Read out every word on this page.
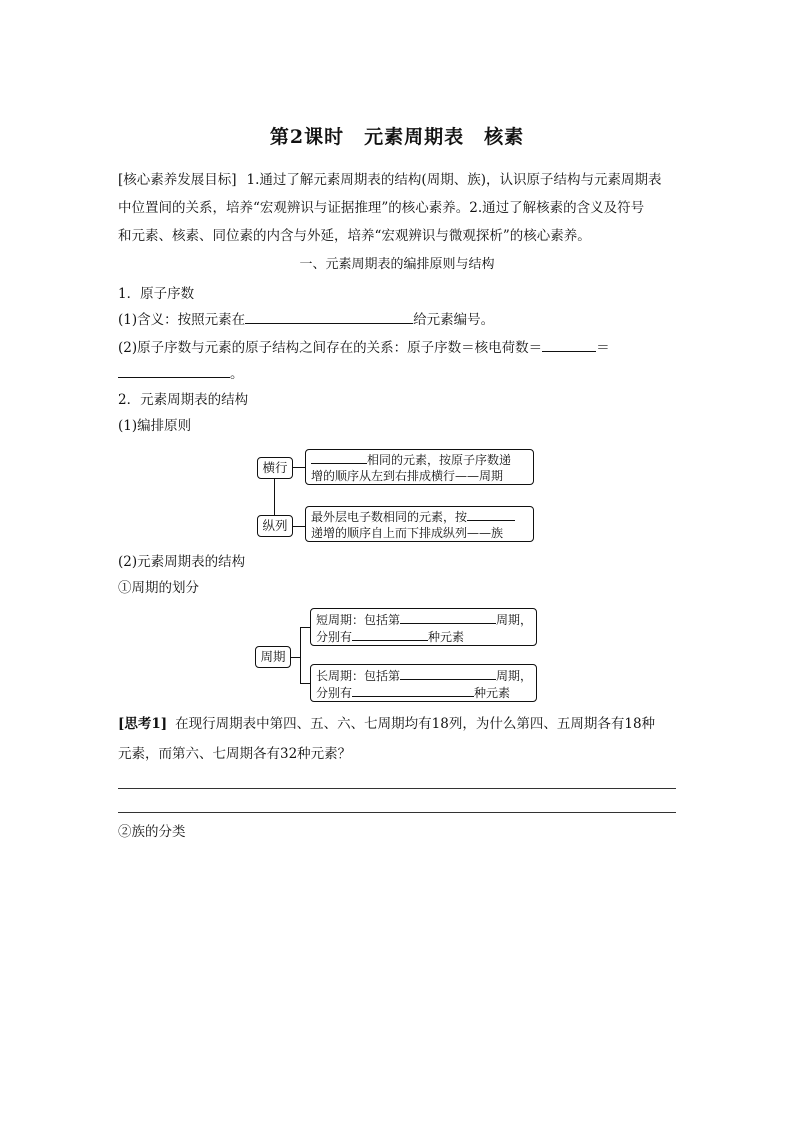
第2课时　元素周期表　核素
[核心素养发展目标] 1.通过了解元素周期表的结构(周期、族)，认识原子结构与元素周期表
中位置间的关系，培养“宏观辨识与证据推理”的核心素养。2.通过了解核素的含义及符号
和元素、核素、同位素的内含与外延，培养“宏观辨识与微观探析”的核心素养。
一、元素周期表的编排原则与结构
1．原子序数
(1)含义：按照元素在	给元素编号。
(2)原子序数与元素的原子结构之间存在的关系：原子序数＝核电荷数＝	＝
。
2．元素周期表的结构
(1)编排原则
横行
纵列
相同的元素，按原子序数递
增的顺序从左到右排成横行——周期
最外层电子数相同的元素，按
递增的顺序自上而下排成纵列——族
(2)元素周期表的结构
①周期的划分
周期
短周期：包括第	周期，
分别有	种元素
长周期：包括第	周期，
分别有	种元素
[思考1] 在现行周期表中第四、五、六、七周期均有18列，为什么第四、五周期各有18种
元素，而第六、七周期各有32种元素？
②族的分类
